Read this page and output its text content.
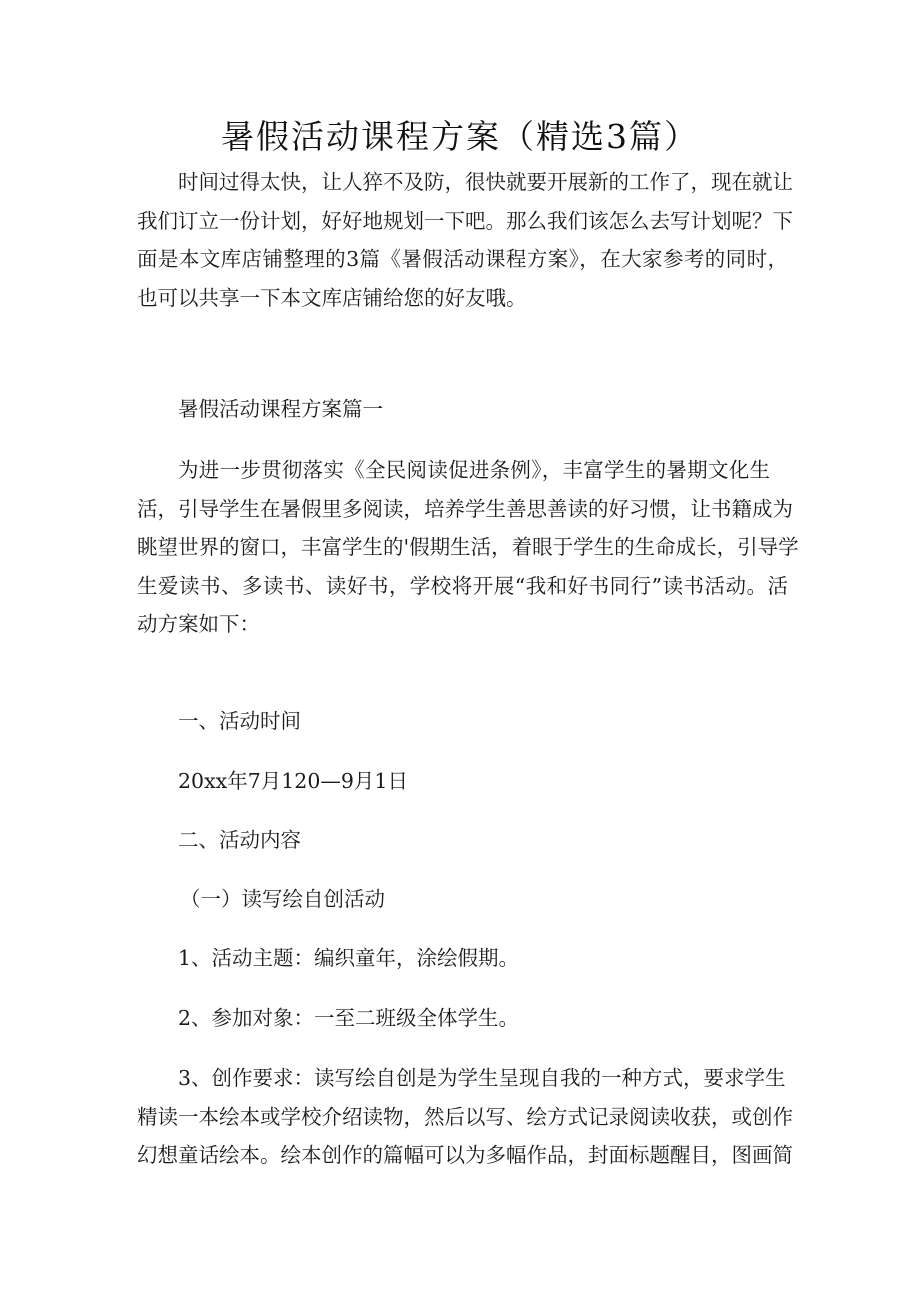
暑假活动课程方案（精选3篇）
时间过得太快，让人猝不及防，很快就要开展新的工作了，现在就让
我们订立一份计划，好好地规划一下吧。那么我们该怎么去写计划呢？下
面是本文库店铺整理的3篇《暑假活动课程方案》，在大家参考的同时，
也可以共享一下本文库店铺给您的好友哦。
暑假活动课程方案篇一
为进一步贯彻落实《全民阅读促进条例》，丰富学生的暑期文化生
活，引导学生在暑假里多阅读，培养学生善思善读的好习惯，让书籍成为
眺望世界的窗口，丰富学生的'假期生活，着眼于学生的生命成长，引导学
生爱读书、多读书、读好书，学校将开展“我和好书同行”读书活动。活
动方案如下：
一、活动时间
20xx年7月120—9月1日
二、活动内容
（一）读写绘自创活动
1、活动主题：编织童年，涂绘假期。
2、参加对象：一至二班级全体学生。
3、创作要求：读写绘自创是为学生呈现自我的一种方式，要求学生
精读一本绘本或学校介绍读物，然后以写、绘方式记录阅读收获，或创作
幻想童话绘本。绘本创作的篇幅可以为多幅作品，封面标题醒目，图画简
